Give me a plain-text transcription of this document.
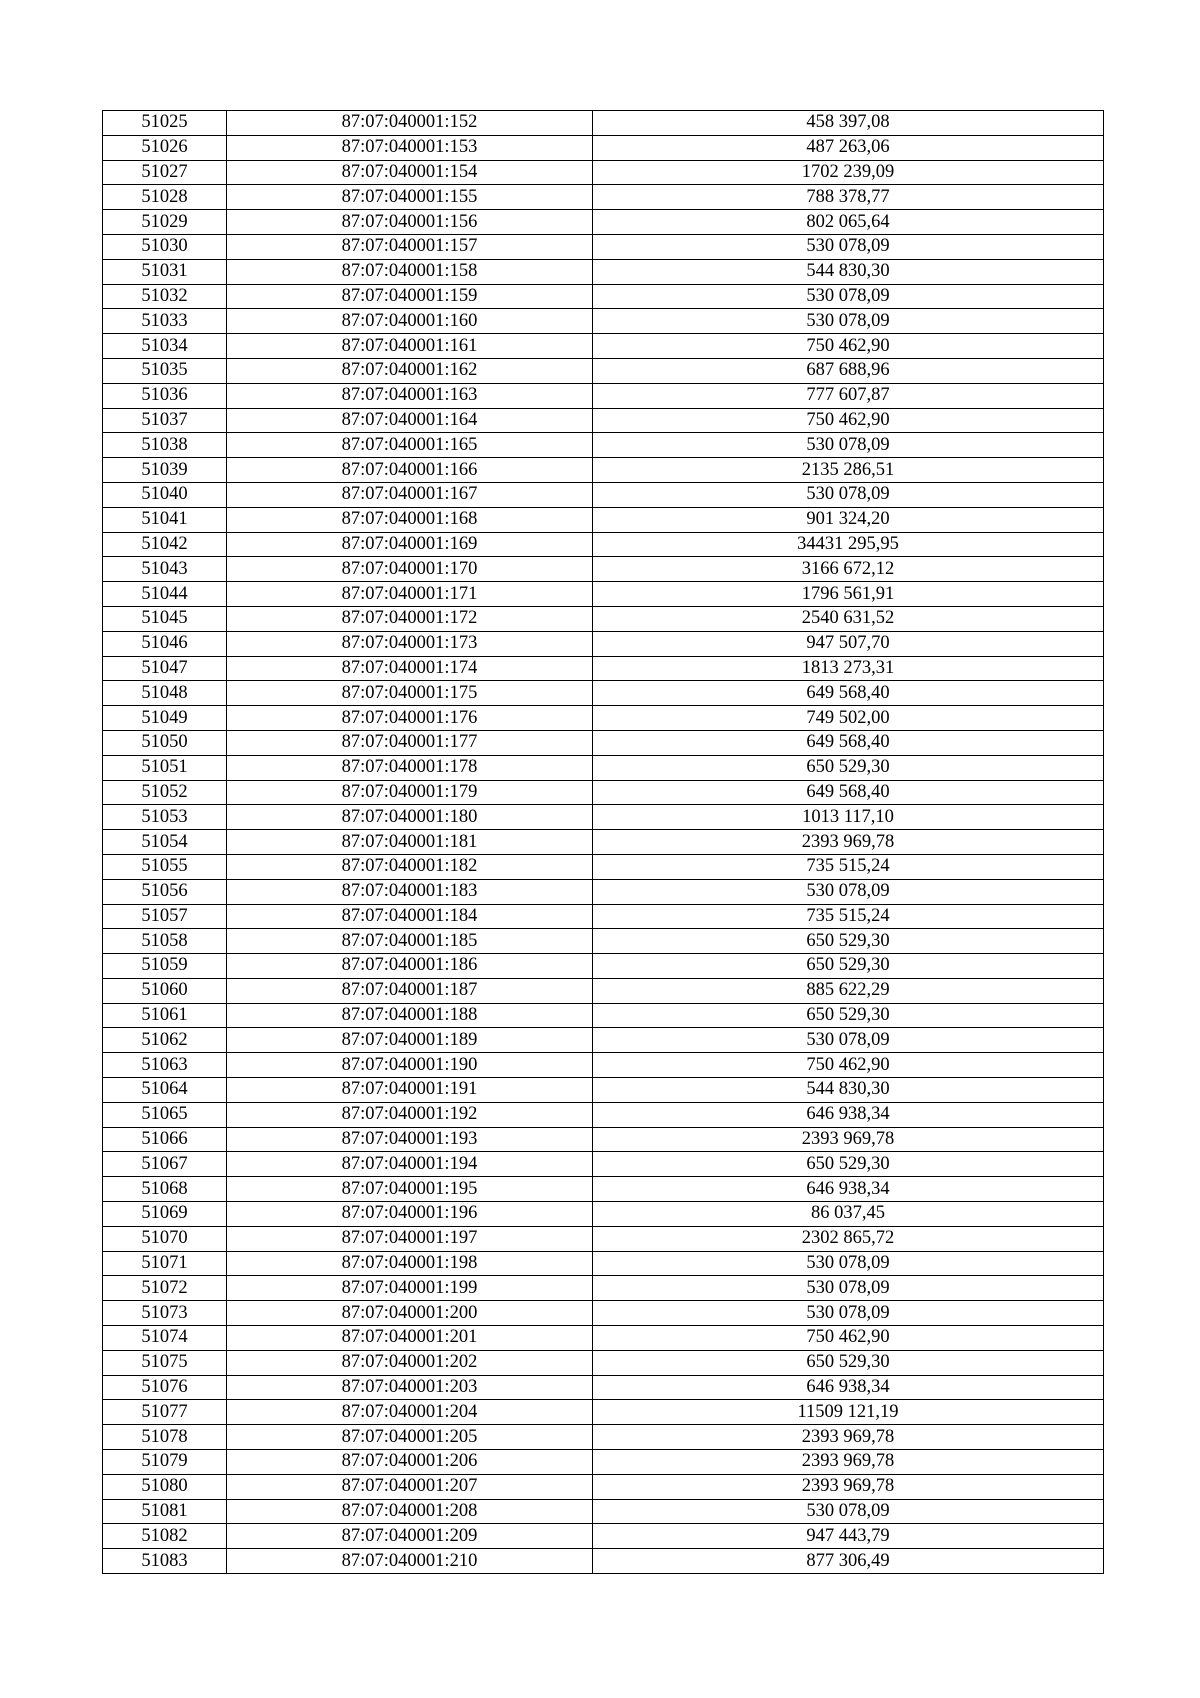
51025	87:07:040001:152	458 397,08
51026	87:07:040001:153	487 263,06
51027	87:07:040001:154	1702 239,09
51028	87:07:040001:155	788 378,77
51029	87:07:040001:156	802 065,64
51030	87:07:040001:157	530 078,09
51031	87:07:040001:158	544 830,30
51032	87:07:040001:159	530 078,09
51033	87:07:040001:160	530 078,09
51034	87:07:040001:161	750 462,90
51035	87:07:040001:162	687 688,96
51036	87:07:040001:163	777 607,87
51037	87:07:040001:164	750 462,90
51038	87:07:040001:165	530 078,09
51039	87:07:040001:166	2135 286,51
51040	87:07:040001:167	530 078,09
51041	87:07:040001:168	901 324,20
51042	87:07:040001:169	34431 295,95
51043	87:07:040001:170	3166 672,12
51044	87:07:040001:171	1796 561,91
51045	87:07:040001:172	2540 631,52
51046	87:07:040001:173	947 507,70
51047	87:07:040001:174	1813 273,31
51048	87:07:040001:175	649 568,40
51049	87:07:040001:176	749 502,00
51050	87:07:040001:177	649 568,40
51051	87:07:040001:178	650 529,30
51052	87:07:040001:179	649 568,40
51053	87:07:040001:180	1013 117,10
51054	87:07:040001:181	2393 969,78
51055	87:07:040001:182	735 515,24
51056	87:07:040001:183	530 078,09
51057	87:07:040001:184	735 515,24
51058	87:07:040001:185	650 529,30
51059	87:07:040001:186	650 529,30
51060	87:07:040001:187	885 622,29
51061	87:07:040001:188	650 529,30
51062	87:07:040001:189	530 078,09
51063	87:07:040001:190	750 462,90
51064	87:07:040001:191	544 830,30
51065	87:07:040001:192	646 938,34
51066	87:07:040001:193	2393 969,78
51067	87:07:040001:194	650 529,30
51068	87:07:040001:195	646 938,34
51069	87:07:040001:196	86 037,45
51070	87:07:040001:197	2302 865,72
51071	87:07:040001:198	530 078,09
51072	87:07:040001:199	530 078,09
51073	87:07:040001:200	530 078,09
51074	87:07:040001:201	750 462,90
51075	87:07:040001:202	650 529,30
51076	87:07:040001:203	646 938,34
51077	87:07:040001:204	11509 121,19
51078	87:07:040001:205	2393 969,78
51079	87:07:040001:206	2393 969,78
51080	87:07:040001:207	2393 969,78
51081	87:07:040001:208	530 078,09
51082	87:07:040001:209	947 443,79
51083	87:07:040001:210	877 306,49
